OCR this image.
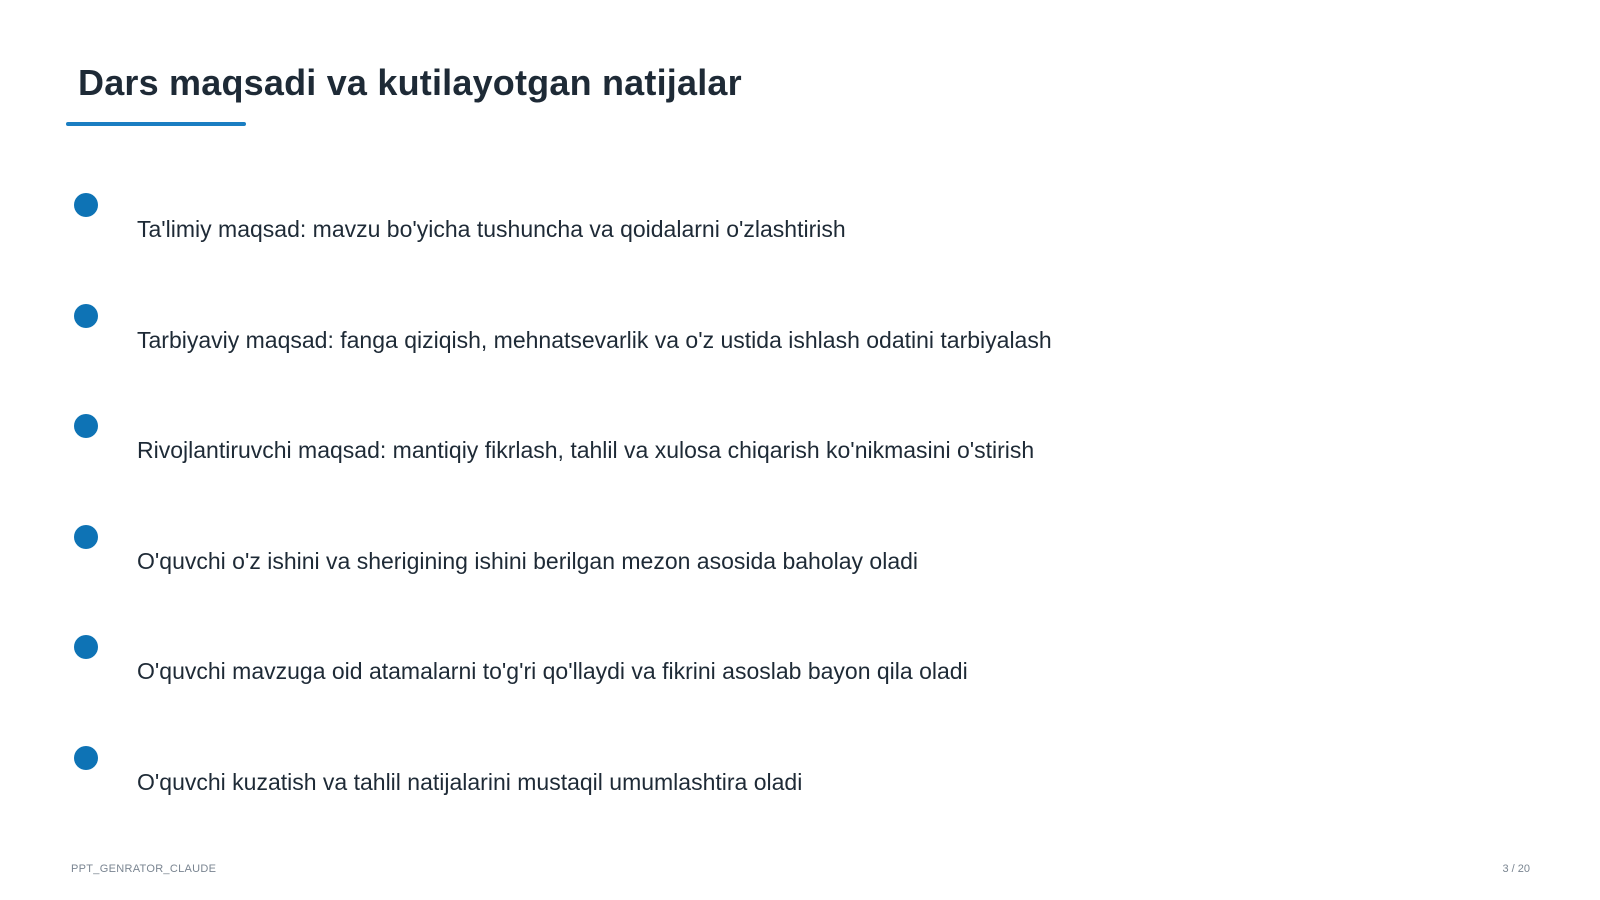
Dars maqsadi va kutilayotgan natijalar
Ta'limiy maqsad: mavzu bo'yicha tushuncha va qoidalarni o'zlashtirish
Tarbiyaviy maqsad: fanga qiziqish, mehnatsevarlik va o'z ustida ishlash odatini tarbiyalash
Rivojlantiruvchi maqsad: mantiqiy fikrlash, tahlil va xulosa chiqarish ko'nikmasini o'stirish
O'quvchi o'z ishini va sherigining ishini berilgan mezon asosida baholay oladi
O'quvchi mavzuga oid atamalarni to'g'ri qo'llaydi va fikrini asoslab bayon qila oladi
O'quvchi kuzatish va tahlil natijalarini mustaqil umumlashtira oladi
PPT_GENRATOR_CLAUDE	3 / 20
